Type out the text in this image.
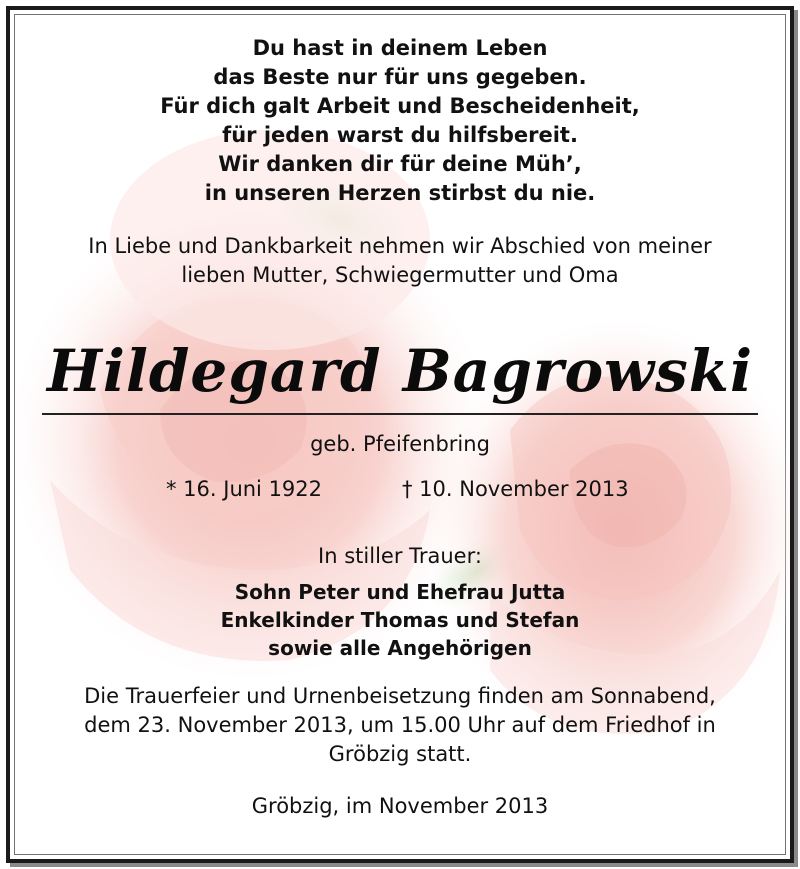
Du hast in deinem Leben
das Beste nur für uns gegeben.
Für dich galt Arbeit und Bescheidenheit,
für jeden warst du hilfsbereit.
Wir danken dir für deine Müh’,
in unseren Herzen stirbst du nie.
In Liebe und Dankbarkeit nehmen wir Abschied von meiner
lieben Mutter, Schwiegermutter und Oma
Hildegard Bagrowski
geb. Pfeifenbring
* 16. Juni 1922	† 10. November 2013
In stiller Trauer:
Sohn Peter und Ehefrau Jutta
Enkelkinder Thomas und Stefan
sowie alle Angehörigen
Die Trauerfeier und Urnenbeisetzung finden am Sonnabend,
dem 23. November 2013, um 15.00 Uhr auf dem Friedhof in
Gröbzig statt.
Gröbzig, im November 2013
